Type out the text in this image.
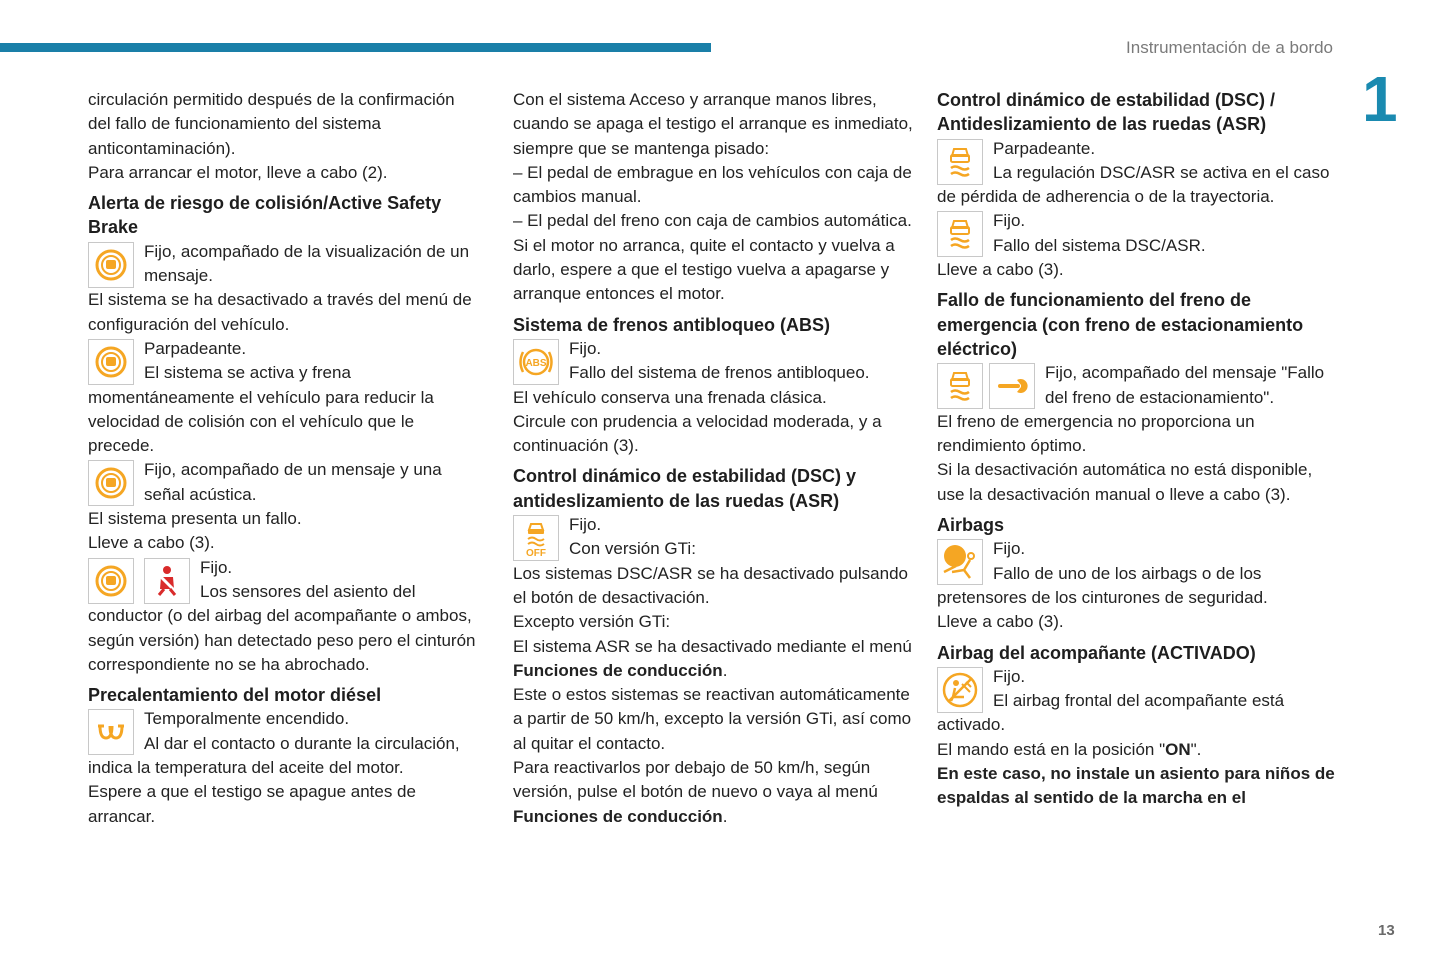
Instrumentación de a bordo
1
13

circulación permitido después de la confirmación del fallo de funcionamiento del sistema anticontaminación).

Para arrancar el motor, lleve a cabo (2).

Alerta de riesgo de colisión/Active Safety Brake

Fijo, acompañado de la visualización de un mensaje.

El sistema se ha desactivado a través del menú de configuración del vehículo.

Parpadeante.

El sistema se activa y frena momentáneamente el vehículo para reducir la velocidad de colisión con el vehículo que le precede.

Fijo, acompañado de un mensaje y una señal acústica.

El sistema presenta un fallo.

Lleve a cabo (3).

Fijo.

Los sensores del asiento del conductor (o del airbag del acompañante o ambos, según versión) han detectado peso pero el cinturón correspondiente no se ha abrochado.

Precalentamiento del motor diésel

Temporalmente encendido.

Al dar el contacto o durante la circulación, indica la temperatura del aceite del motor.

Espere a que el testigo se apague antes de arrancar.

Con el sistema Acceso y arranque manos libres, cuando se apaga el testigo el arranque es inmediato, siempre que se mantenga pisado:

– El pedal de embrague en los vehículos con caja de cambios manual.

– El pedal del freno con caja de cambios automática.

Si el motor no arranca, quite el contacto y vuelva a darlo, espere a que el testigo vuelva a apagarse y arranque entonces el motor.

Sistema de frenos antibloqueo (ABS)
ABS

Fijo.

Fallo del sistema de frenos antibloqueo.

El vehículo conserva una frenada clásica.

Circule con prudencia a velocidad moderada, y a continuación (3).

Control dinámico de estabilidad (DSC) y antideslizamiento de las ruedas (ASR)
OFF

Fijo.

Con versión GTi:

Los sistemas DSC/ASR se ha desactivado pulsando el botón de desactivación.

Excepto versión GTi:

El sistema ASR se ha desactivado mediante el menú Funciones de conducción.

Este o estos sistemas se reactivan automáticamente a partir de 50 km/h, excepto la versión GTi, así como al quitar el contacto.

Para reactivarlos por debajo de 50 km/h, según versión, pulse el botón de nuevo o vaya al menú Funciones de conducción.

Control dinámico de estabilidad (DSC) / Antideslizamiento de las ruedas (ASR)

Parpadeante.

La regulación DSC/ASR se activa en el caso de pérdida de adherencia o de la trayectoria.

Fijo.

Fallo del sistema DSC/ASR.

Lleve a cabo (3).

Fallo de funcionamiento del freno de emergencia (con freno de estacionamiento eléctrico)

Fijo, acompañado del mensaje "Fallo del freno de estacionamiento".

El freno de emergencia no proporciona un rendimiento óptimo.

Si la desactivación automática no está disponible, use la desactivación manual o lleve a cabo (3).

Airbags

Fijo.

Fallo de uno de los airbags o de los pretensores de los cinturones de seguridad.

Lleve a cabo (3).

Airbag del acompañante (ACTIVADO)

Fijo.

El airbag frontal del acompañante está activado.

El mando está en la posición "ON".

En este caso, no instale un asiento para niños de espaldas al sentido de la marcha en el
